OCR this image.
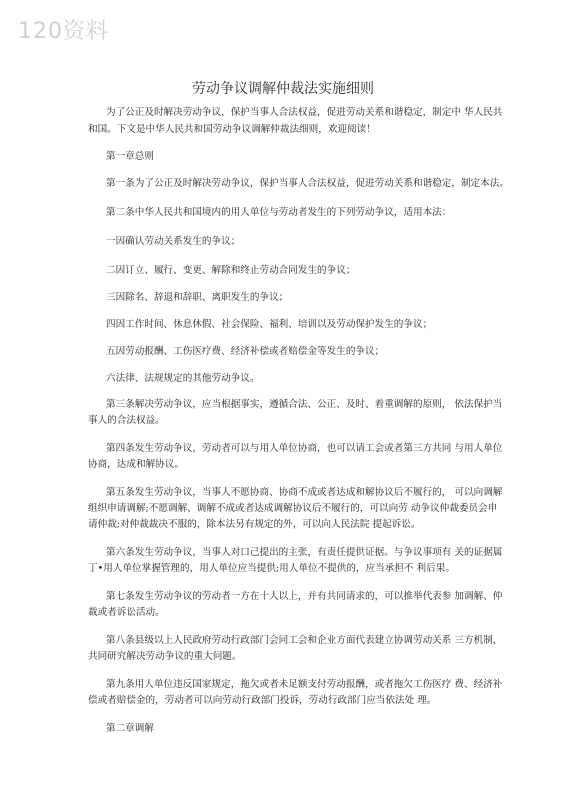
120资料
劳动争议调解仲裁法实施细则
为了公正及时解决劳动争议，保护当事人合法权益，促进劳动关系和谐稳定，制定中 华人民共
和国。下文是中华人民共和国劳动争议调解仲裁法细则，欢迎阅读！
第一章总则
第一条为了公正及时解决劳动争议，保护当事人合法权益，促进劳动关系和谐稳定，制定本法。
第二条中华人民共和国境内的用人单位与劳动者发生的下列劳动争议，适用本法：
一因确认劳动关系发生的争议；
二因订立、履行、变更、解除和终止劳动合同发生的争议；
三因除名、辞退和辞职、离职发生的争议；
四因工作时间、休息休假、社会保险、福利、培训以及劳动保护发生的争议；
五因劳动报酬、工伤医疗费、经济补偿或者赔偿金等发生的争议；
六法律、法规规定的其他劳动争议。
第三条解决劳动争议，应当根据事实，遵循合法、公正、及时、着重调解的原则， 依法保护当
事人的合法权益。
第四条发生劳动争议，劳动者可以与用人单位协商，也可以请工会或者第三方共同 与用人单位
协商，达成和解协议。
第五条发生劳动争议，当事人不愿协商、协商不成或者达成和解协议后不履行的， 可以向调解
组织申请调解;不愿调解、调解不成或者达成调解协议后不履行的，可以向劳 动争议仲裁委员会申
请仲裁;对仲裁裁决不服的，除本法另有规定的外，可以向人民法院 提起诉讼。
第六条发生劳动争议，当事人对口己提出的主张，有责任提供证据。与争议事项有 关的证据属
丁•用人单位掌握管理的，用人单位应当提供;用人单位不提供的，应当承担不 利后果。
第七条发生劳动争议的劳动者一方在十人以上，并有共同请求的，可以推举代表参 加调解、仲
裁或者诉讼活动。
第八条县级以上人民政府劳动行政部门会同工会和企业方面代表建立协调劳动关系 三方机制，
共同研究解决劳动争议的重大问题。
第九条用人单位违反国家规定，拖欠或者未足额支付劳动报酬，或者拖欠工伤医疗 费、经济补
偿或者赔偿金的，劳动者可以向劳动行政部门投诉，劳动行政部门应当依法处 理。
第二章调解
